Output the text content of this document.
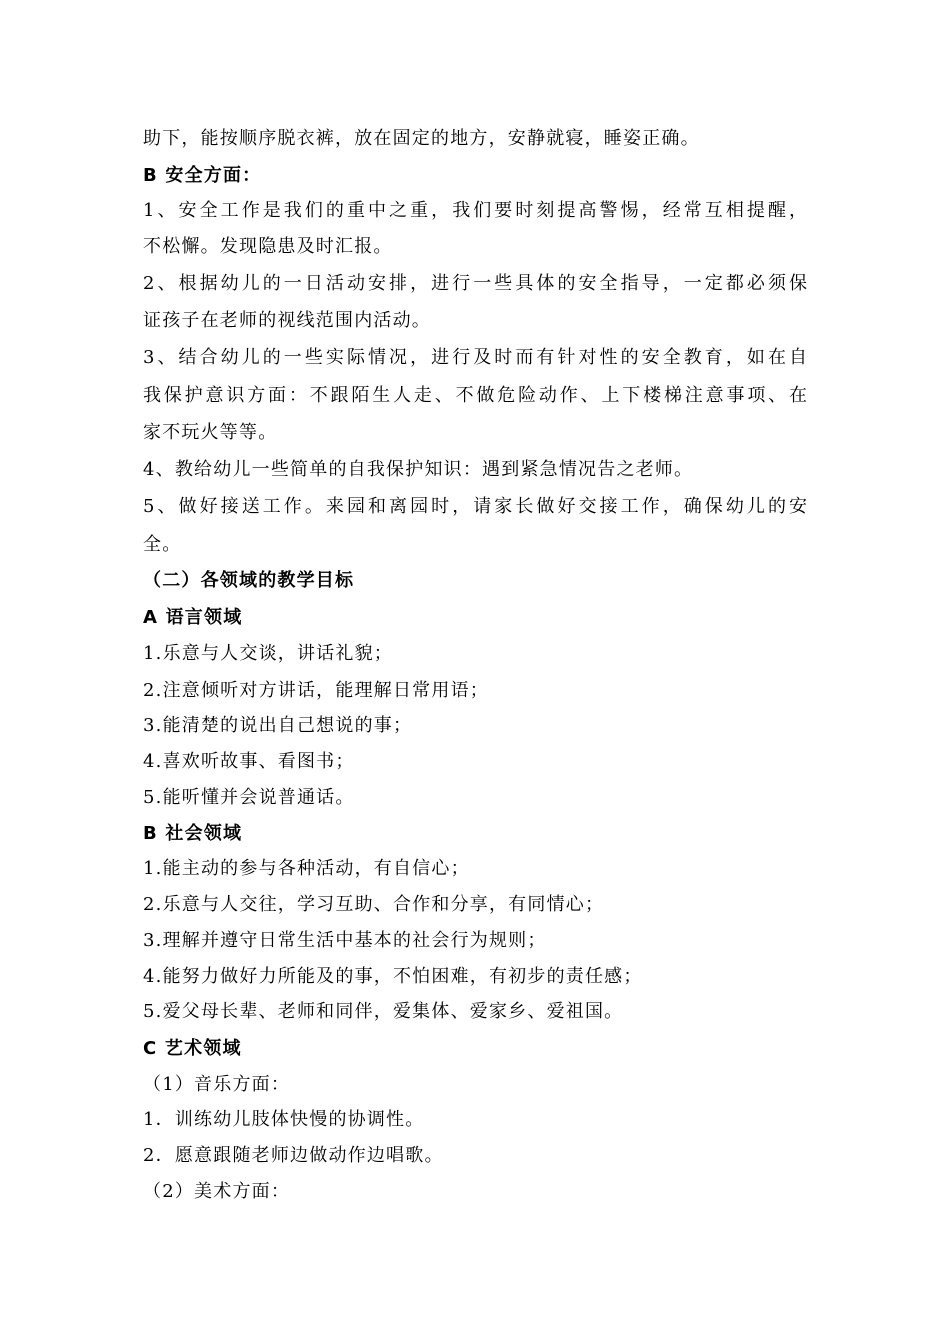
助下，能按顺序脱衣裤，放在固定的地方，安静就寝，睡姿正确。
B 安全方面：
1、安全工作是我们的重中之重，我们要时刻提高警惕，经常互相提醒，
不松懈。发现隐患及时汇报。
2、根据幼儿的一日活动安排，进行一些具体的安全指导，一定都必须保
证孩子在老师的视线范围内活动。
3、结合幼儿的一些实际情况，进行及时而有针对性的安全教育，如在自
我保护意识方面：不跟陌生人走、不做危险动作、上下楼梯注意事项、在
家不玩火等等。
4、教给幼儿一些简单的自我保护知识：遇到紧急情况告之老师。
5、做好接送工作。来园和离园时，请家长做好交接工作，确保幼儿的安
全。
（二）各领域的教学目标
A 语言领域
1.乐意与人交谈，讲话礼貌；
2.注意倾听对方讲话，能理解日常用语；
3.能清楚的说出自己想说的事；
4.喜欢听故事、看图书；
5.能听懂并会说普通话。
B 社会领域
1.能主动的参与各种活动，有自信心；
2.乐意与人交往，学习互助、合作和分享，有同情心；
3.理解并遵守日常生活中基本的社会行为规则；
4.能努力做好力所能及的事，不怕困难，有初步的责任感；
5.爱父母长辈、老师和同伴，爱集体、爱家乡、爱祖国。
C 艺术领域
（1）音乐方面：
1．训练幼儿肢体快慢的协调性。
2．愿意跟随老师边做动作边唱歌。
（2）美术方面：
